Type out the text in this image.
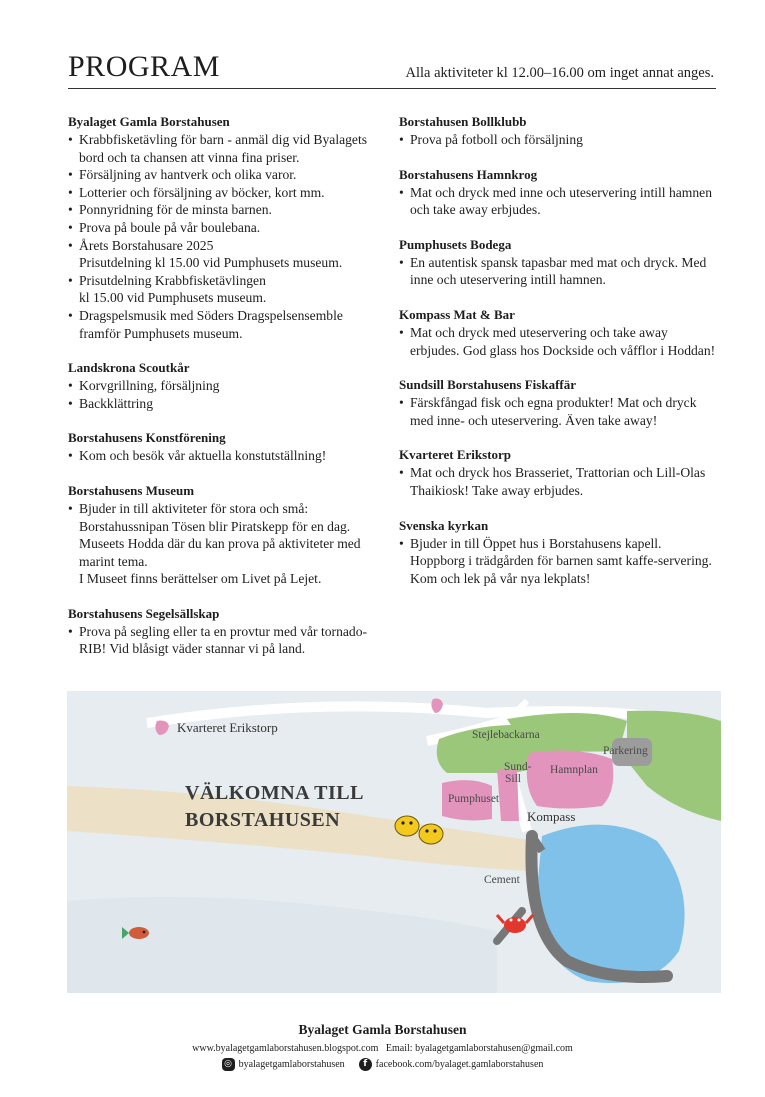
PROGRAM	Alla aktiviteter kl 12.00–16.00 om inget annat anges.
Byalaget Gamla Borstahusen
• Krabbfisketävling för barn - anmäl dig vid Byalagets bord och ta chansen att vinna fina priser.
• Försäljning av hantverk och olika varor.
• Lotterier och försäljning av böcker, kort mm.
• Ponnyridning för de minsta barnen.
• Prova på boule på vår boulebana.
• Årets Borstahusare 2025
Prisutdelning kl 15.00 vid Pumphusets museum.
• Prisutdelning Krabbfisketävlingen
kl 15.00 vid Pumphusets museum.
• Dragspelsmusik med Söders Dragspelsensemble framför Pumphusets museum.
Landskrona Scoutkår
• Korvgrillning, försäljning
• Backklättring
Borstahusens Konstförening
• Kom och besök vår aktuella konstutställning!
Borstahusens Museum
• Bjuder in till aktiviteter för stora och små:
Borstahussnipan Tösen blir Piratskepp för en dag.
Museets Hodda där du kan prova på aktiviteter med marint tema.
I Museet finns berättelser om Livet på Lejet.
Borstahusens Segelsällskap
• Prova på segling eller ta en provtur med vår tornado-RIB! Vid blåsigt väder stannar vi på land.
Borstahusen Bollklubb
• Prova på fotboll och försäljning
Borstahusens Hamnkrog
• Mat och dryck med inne och uteservering intill hamnen och take away erbjudes.
Pumphusets Bodega
• En autentisk spansk tapasbar med mat och dryck. Med inne och uteservering intill hamnen.
Kompass Mat & Bar
• Mat och dryck med uteservering och take away erbjudes. God glass hos Dockside och våfflor i Hoddan!
Sundsill Borstahusens Fiskaffär
• Färskfångad fisk och egna produkter! Mat och dryck med inne- och uteservering. Även take away!
Kvarteret Erikstorp
• Mat och dryck hos Brasseriet, Trattorian och Lill-Olas Thaikiosk! Take away erbjudes.
Svenska kyrkan
• Bjuder in till Öppet hus i Borstahusens kapell. Hoppborg i trädgården för barnen samt kaffe-servering. Kom och lek på vår nya lekplats!
VÄLKOMNA TILL
BORSTAHUSEN
Kvarteret Erikstorp	Stejlebackarna
Parkering
Sund-
Sill
Hamnplan
Pumphuset
Kompass
Cement
Byalaget Gamla Borstahusen
www.byalagetgamlaborstahusen.blogspot.com Email: byalagetgamlaborstahusen@gmail.com
◎ byalagetgamlaborstahusen	f facebook.com/byalaget.gamlaborstahusen
